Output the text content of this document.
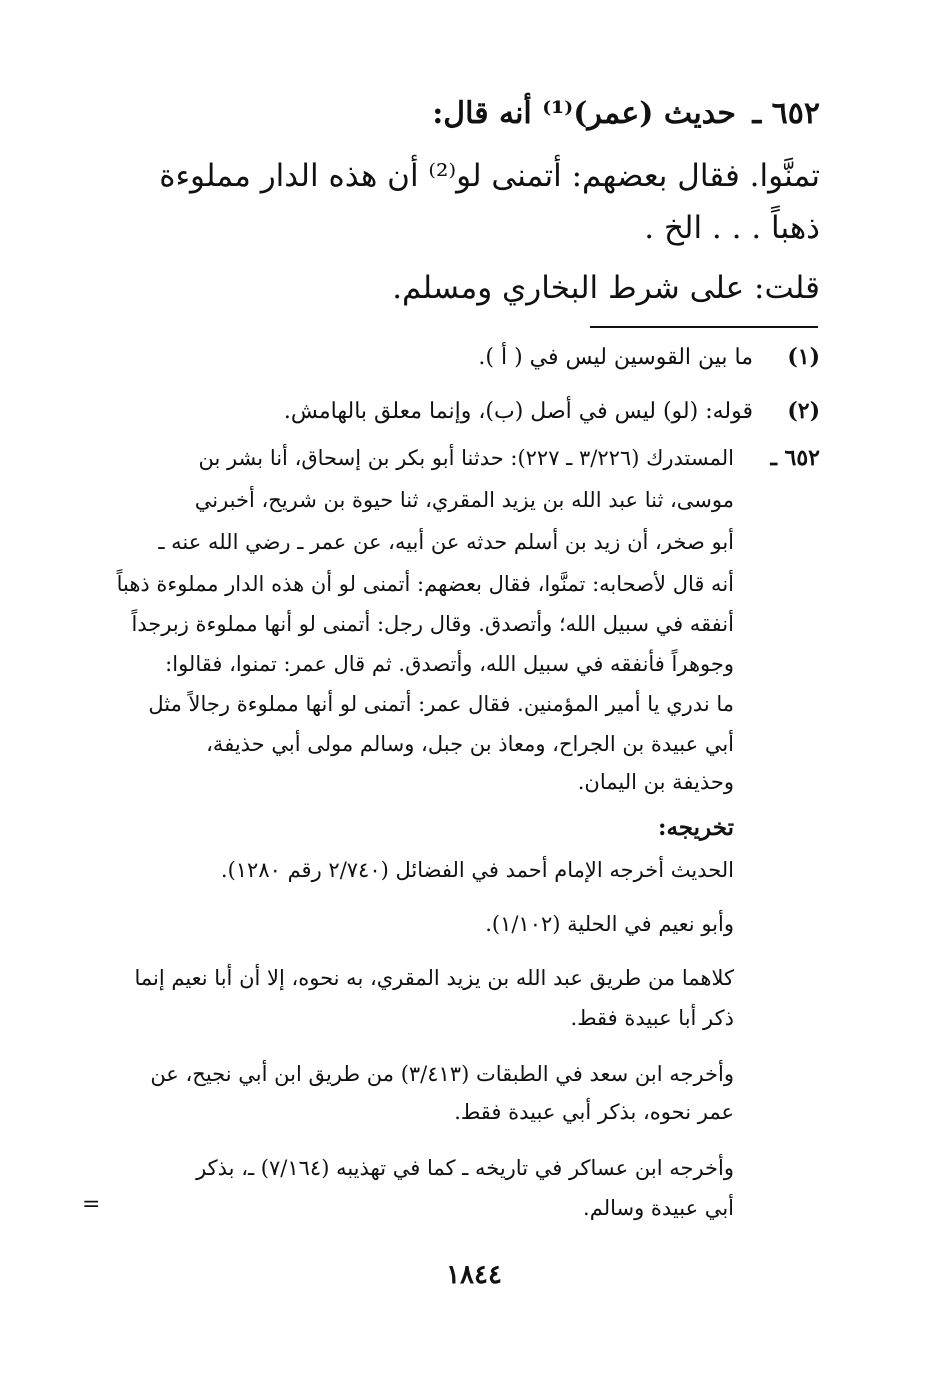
٦٥٢ ـ حديث (عمر)⁽¹⁾ أنه قال:
تمنَّوا. فقال بعضهم: أتمنى لو⁽²⁾ أن هذه الدار مملوءة
ذهباً . . . الخ .
قلت: على شرط البخاري ومسلم.
(١) ما بين القوسين ليس في ( أ ).
(٢) قوله: (لو) ليس في أصل (ب)، وإنما معلق بالهامش.
٦٥٢ ـ
المستدرك (٣/٢٢٦ ـ ٢٢٧): حدثنا أبو بكر بن إسحاق، أنا بشر بن
موسى، ثنا عبد الله بن يزيد المقري، ثنا حيوة بن شريح، أخبرني
أبو صخر، أن زيد بن أسلم حدثه عن أبيه، عن عمر ـ رضي الله عنه ـ
أنه قال لأصحابه: تمنَّوا، فقال بعضهم: أتمنى لو أن هذه الدار مملوءة ذهباً
أنفقه في سبيل الله؛ وأتصدق. وقال رجل: أتمنى لو أنها مملوءة زبرجداً
وجوهراً فأنفقه في سبيل الله، وأتصدق. ثم قال عمر: تمنوا، فقالوا:
ما ندري يا أمير المؤمنين. فقال عمر: أتمنى لو أنها مملوءة رجالاً مثل
أبي عبيدة بن الجراح، ومعاذ بن جبل، وسالم مولى أبي حذيفة،
وحذيفة بن اليمان.
تخريجه:
الحديث أخرجه الإمام أحمد في الفضائل (٢/٧٤٠ رقم ١٢٨٠).
وأبو نعيم في الحلية (١/١٠٢).
كلاهما من طريق عبد الله بن يزيد المقري، به نحوه، إلا أن أبا نعيم إنما
ذكر أبا عبيدة فقط.
وأخرجه ابن سعد في الطبقات (٣/٤١٣) من طريق ابن أبي نجيح، عن
عمر نحوه، بذكر أبي عبيدة فقط.
وأخرجه ابن عساكر في تاريخه ـ كما في تهذيبه (٧/١٦٤) ـ، بذكر
أبي عبيدة وسالم.
=
١٨٤٤
